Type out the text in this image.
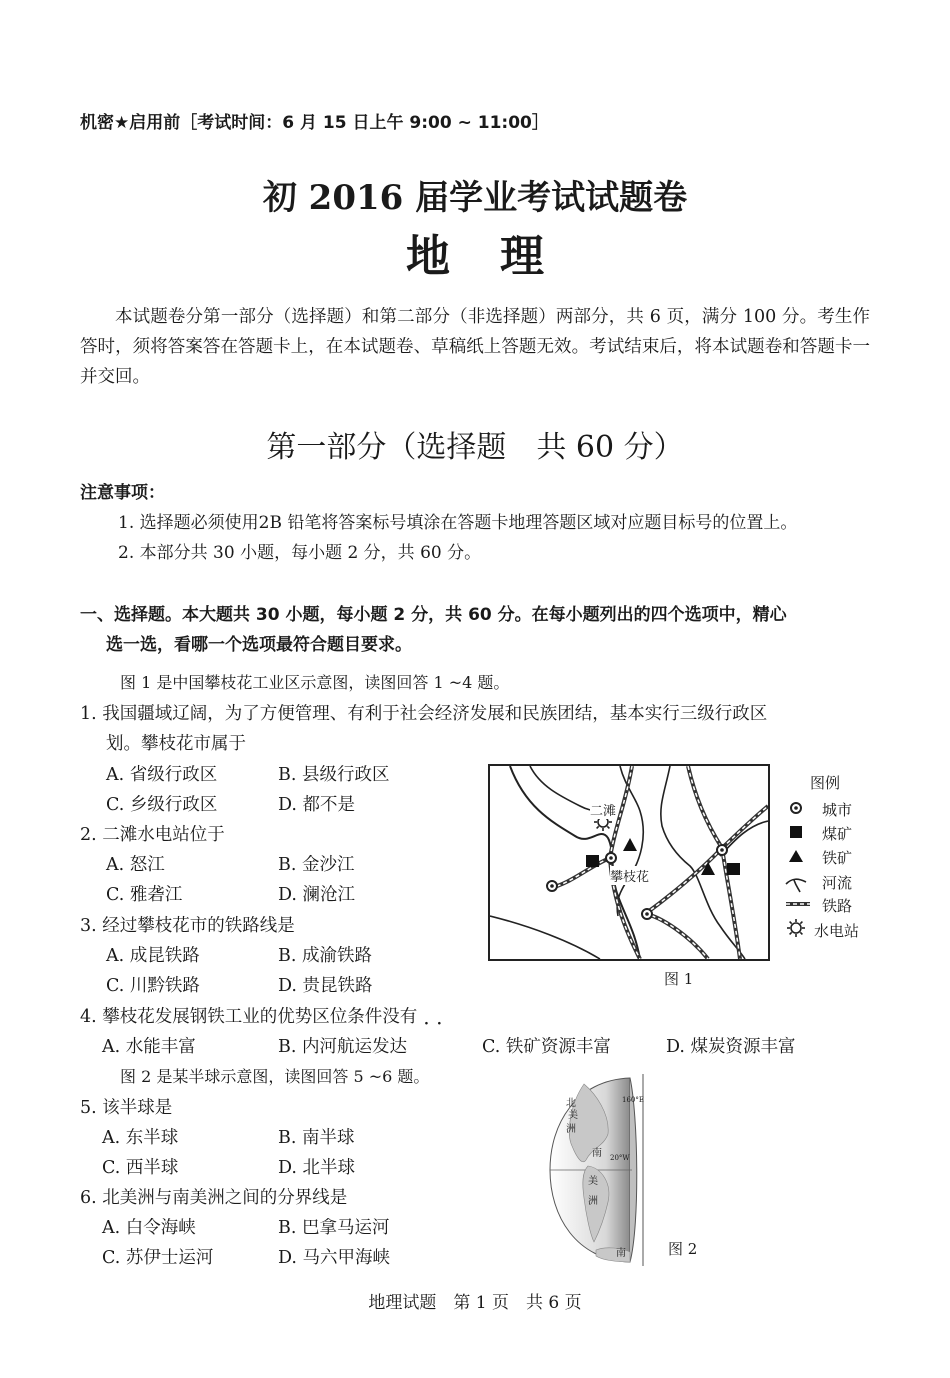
机密★启用前［考试时间：6 月 15 日上午 9:00 ~ 11:00］
初 2016 届学业考试试题卷
地理
本试题卷分第一部分（选择题）和第二部分（非选择题）两部分，共 6 页，满分 100 分。考生作答时，须将答案答在答题卡上，在本试题卷、草稿纸上答题无效。考试结束后，将本试题卷和答题卡一并交回。
第一部分（选择题　共 60 分）
注意事项：
1. 选择题必须使用2B 铅笔将答案标号填涂在答题卡地理答题区域对应题目标号的位置上。
2. 本部分共 30 小题，每小题 2 分，共 60 分。
一、选择题。本大题共 30 小题，每小题 2 分，共 60 分。在每小题列出的四个选项中，精心
选一选，看哪一个选项最符合题目要求。
图 1 是中国攀枝花工业区示意图，读图回答 1 ~4 题。
1. 我国疆域辽阔，为了方便管理、有利于社会经济发展和民族团结，基本实行三级行政区
划。攀枝花市属于
A. 省级行政区	B. 县级行政区
C. 乡级行政区	D. 都不是
2. 二滩水电站位于
A. 怒江	B. 金沙江
C. 雅砻江	D. 澜沧江
3. 经过攀枝花市的铁路线是
A. 成昆铁路	B. 成渝铁路
C. 川黔铁路	D. 贵昆铁路
4. 攀枝花发展钢铁工业的优势区位条件没有 ··
A. 水能丰富	B. 内河航运发达	C. 铁矿资源丰富	D. 煤炭资源丰富
图 2 是某半球示意图，读图回答 5 ~6 题。
5. 该半球是
A. 东半球	B. 南半球
C. 西半球	D. 北半球
6. 北美洲与南美洲之间的分界线是
A. 白令海峡	B. 巴拿马运河
C. 苏伊士运河	D. 马六甲海峡
二滩
攀枝花
图例
城市
煤矿
铁矿
河流
铁路
水电站
图 1
北
美
洲
南
美
洲
南
160°E
20°W
图 2
地理试题　第 1 页　共 6 页
